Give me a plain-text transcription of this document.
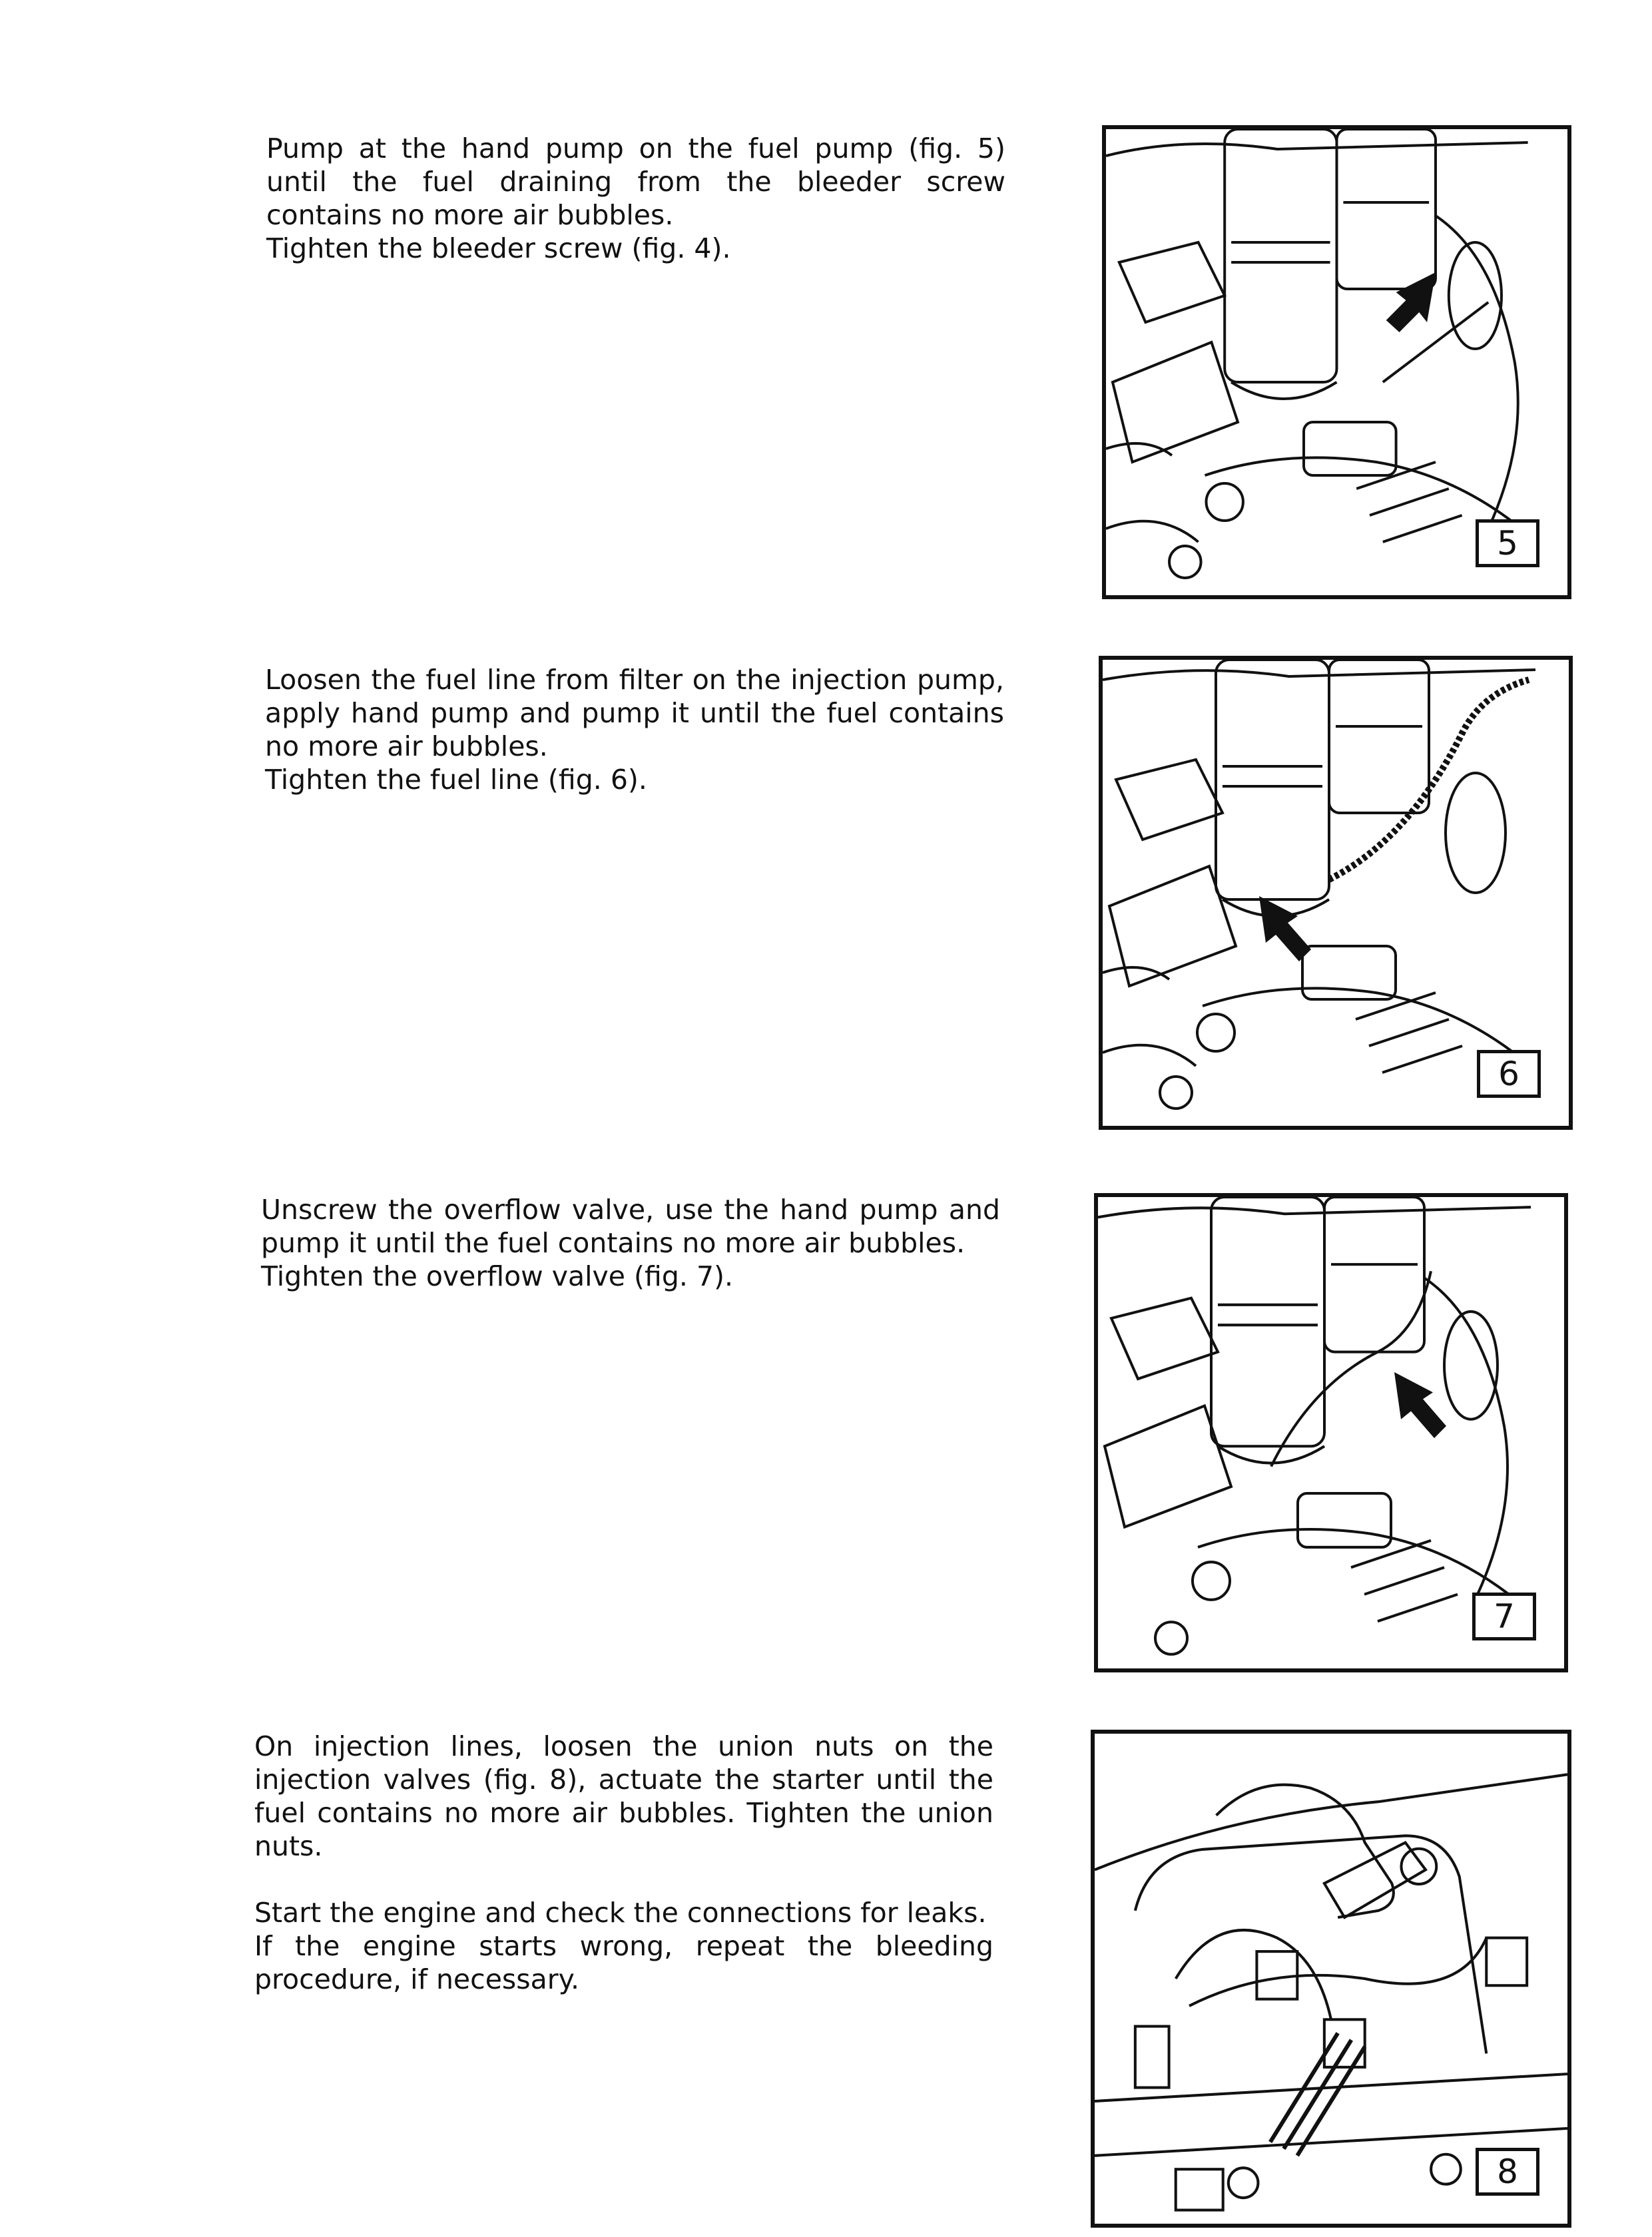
Pump at the hand pump on the fuel pump (fig. 5) until the fuel draining from the bleeder screw contains no more air bubbles.

Tighten the bleeder screw (fig. 4).

5

Loosen the fuel line from filter on the injection pump, apply hand pump and pump it until the fuel contains no more air bubbles.

Tighten the fuel line (fig. 6).

6

Unscrew the overflow valve, use the hand pump and pump it until the fuel contains no more air bubbles.

Tighten the overflow valve (fig. 7).

7

On injection lines, loosen the union nuts on the injection valves (fig. 8), actuate the starter until the fuel contains no more air bubbles. Tighten the union nuts.

Start the engine and check the connections for leaks.

If the engine starts wrong, repeat the bleeding procedure, if necessary.

8
